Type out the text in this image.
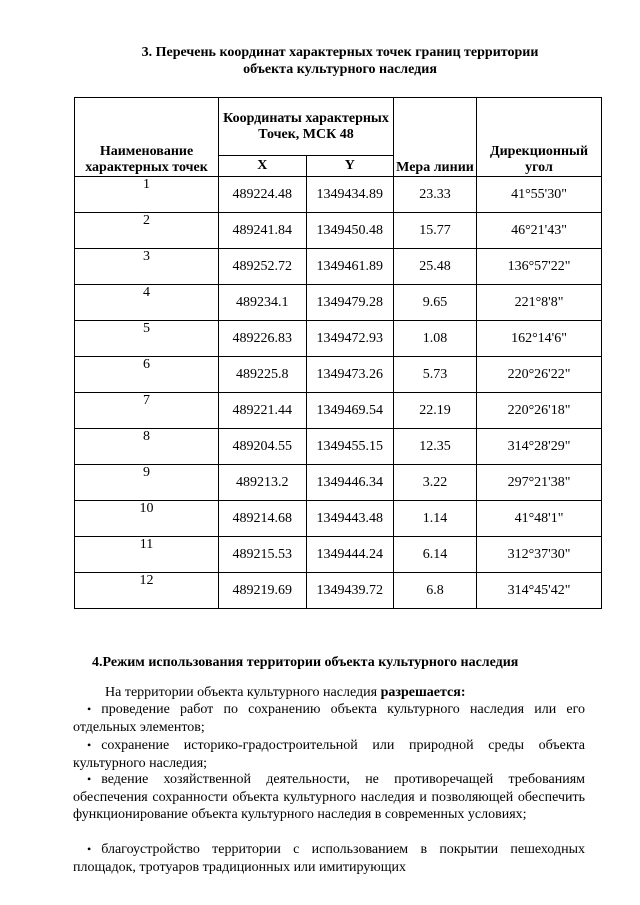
3. Перечень координат характерных точек границ территории
объекта культурного наследия
Наименование характерных точек	Координаты характерных Точек, МСК 48		Мера линии	Дирекционный угол
	X	Y		
1	489224.48	1349434.89	23.33	41°55'30"
2	489241.84	1349450.48	15.77	46°21'43"
3	489252.72	1349461.89	25.48	136°57'22"
4	489234.1	1349479.28	9.65	221°8'8"
5	489226.83	1349472.93	1.08	162°14'6"
6	489225.8	1349473.26	5.73	220°26'22"
7	489221.44	1349469.54	22.19	220°26'18"
8	489204.55	1349455.15	12.35	314°28'29"
9	489213.2	1349446.34	3.22	297°21'38"
10	489214.68	1349443.48	1.14	41°48'1"
11	489215.53	1349444.24	6.14	312°37'30"
12	489219.69	1349439.72	6.8	314°45'42"
4.Режим использования территории объекта культурного наследия

На территории объекта культурного наследия разрешается:

• проведение работ по сохранению объекта культурного наследия или его отдельных элементов;

• сохранение историко-градостроительной или природной среды объекта культурного наследия;

• ведение хозяйственной деятельности, не противоречащей требованиям обеспечения сохранности объекта культурного наследия и позволяющей обеспечить функционирование объекта культурного наследия в современных условиях;

• благоустройство территории с использованием в покрытии пешеходных площадок, тротуаров традиционных или имитирующих
